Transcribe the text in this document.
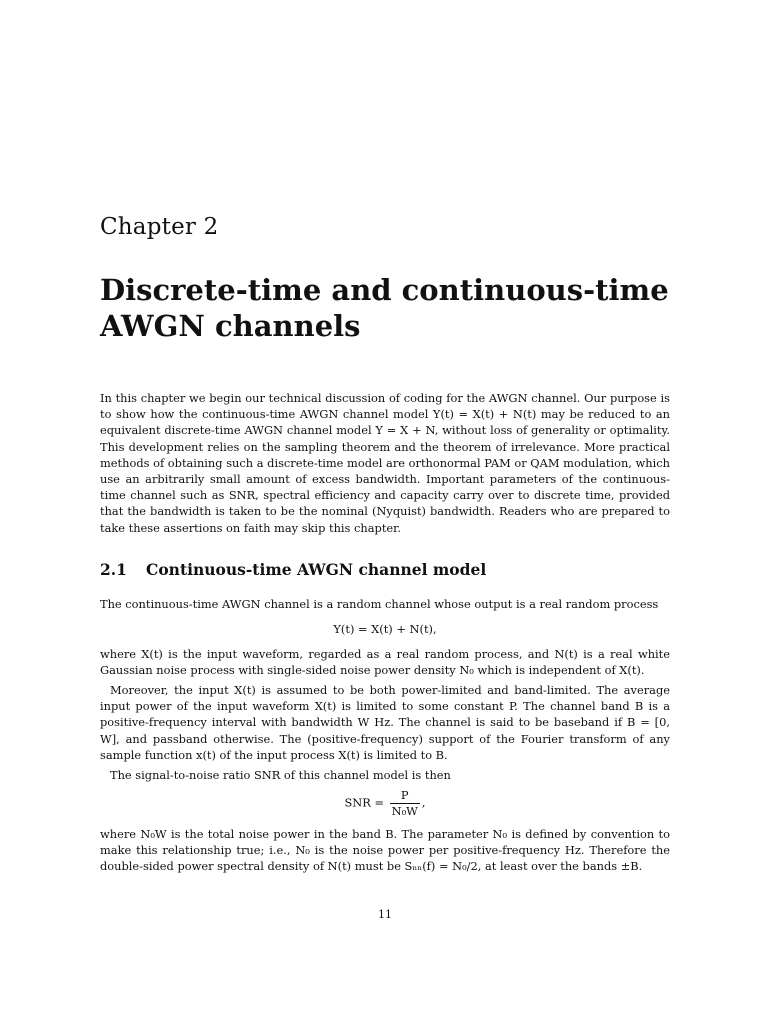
Chapter 2
Discrete-time and continuous-time AWGN channels

In this chapter we begin our technical discussion of coding for the AWGN channel. Our purpose is to show how the continuous-time AWGN channel model Y(t) = X(t) + N(t) may be reduced to an equivalent discrete-time AWGN channel model Y = X + N, without loss of generality or optimality. This development relies on the sampling theorem and the theorem of irrelevance. More practical methods of obtaining such a discrete-time model are orthonormal PAM or QAM modulation, which use an arbitrarily small amount of excess bandwidth. Important parameters of the continuous-time channel such as SNR, spectral efficiency and capacity carry over to discrete time, provided that the bandwidth is taken to be the nominal (Nyquist) bandwidth. Readers who are prepared to take these assertions on faith may skip this chapter.

2.1 Continuous-time AWGN channel model

The continuous-time AWGN channel is a random channel whose output is a real random process

Y(t) = X(t) + N(t),

where X(t) is the input waveform, regarded as a real random process, and N(t) is a real white Gaussian noise process with single-sided noise power density N₀ which is independent of X(t).

Moreover, the input X(t) is assumed to be both power-limited and band-limited. The average input power of the input waveform X(t) is limited to some constant P. The channel band B is a positive-frequency interval with bandwidth W Hz. The channel is said to be baseband if B = [0, W], and passband otherwise. The (positive-frequency) support of the Fourier transform of any sample function x(t) of the input process X(t) is limited to B.

The signal-to-noise ratio SNR of this channel model is then

SNR = $\frac{P}{\text{N₀W}}$ ,

where N₀W is the total noise power in the band B. The parameter N₀ is defined by convention to make this relationship true; i.e., N₀ is the noise power per positive-frequency Hz. Therefore the double-sided power spectral density of N(t) must be Sₙₙ(f) = N₀/2, at least over the bands ±B.

11
